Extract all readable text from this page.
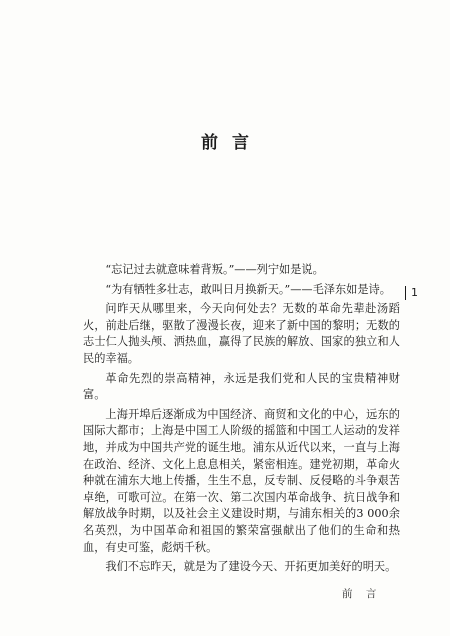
前言

“忘记过去就意味着背叛。”——列宁如是说。

“为有牺牲多壮志，敢叫日月换新天。”——毛泽东如是诗。

问昨天从哪里来，今天向何处去？无数的革命先辈赴汤蹈火，前赴后继，驱散了漫漫长夜，迎来了新中国的黎明；无数的志士仁人抛头颅、洒热血，赢得了民族的解放、国家的独立和人民的幸福。

革命先烈的崇高精神，永远是我们党和人民的宝贵精神财富。

上海开埠后逐渐成为中国经济、商贸和文化的中心，远东的国际大都市；上海是中国工人阶级的摇篮和中国工人运动的发祥地，并成为中国共产党的诞生地。浦东从近代以来，一直与上海在政治、经济、文化上息息相关，紧密相连。建党初期，革命火种就在浦东大地上传播，生生不息，反专制、反侵略的斗争艰苦卓绝，可歌可泣。在第一次、第二次国内革命战争、抗日战争和解放战争时期，以及社会主义建设时期，与浦东相关的3 000余名英烈，为中国革命和祖国的繁荣富强献出了他们的生命和热血，有史可鉴，彪炳千秋。

我们不忘昨天，就是为了建设今天、开拓更加美好的明天。

1
前 言
